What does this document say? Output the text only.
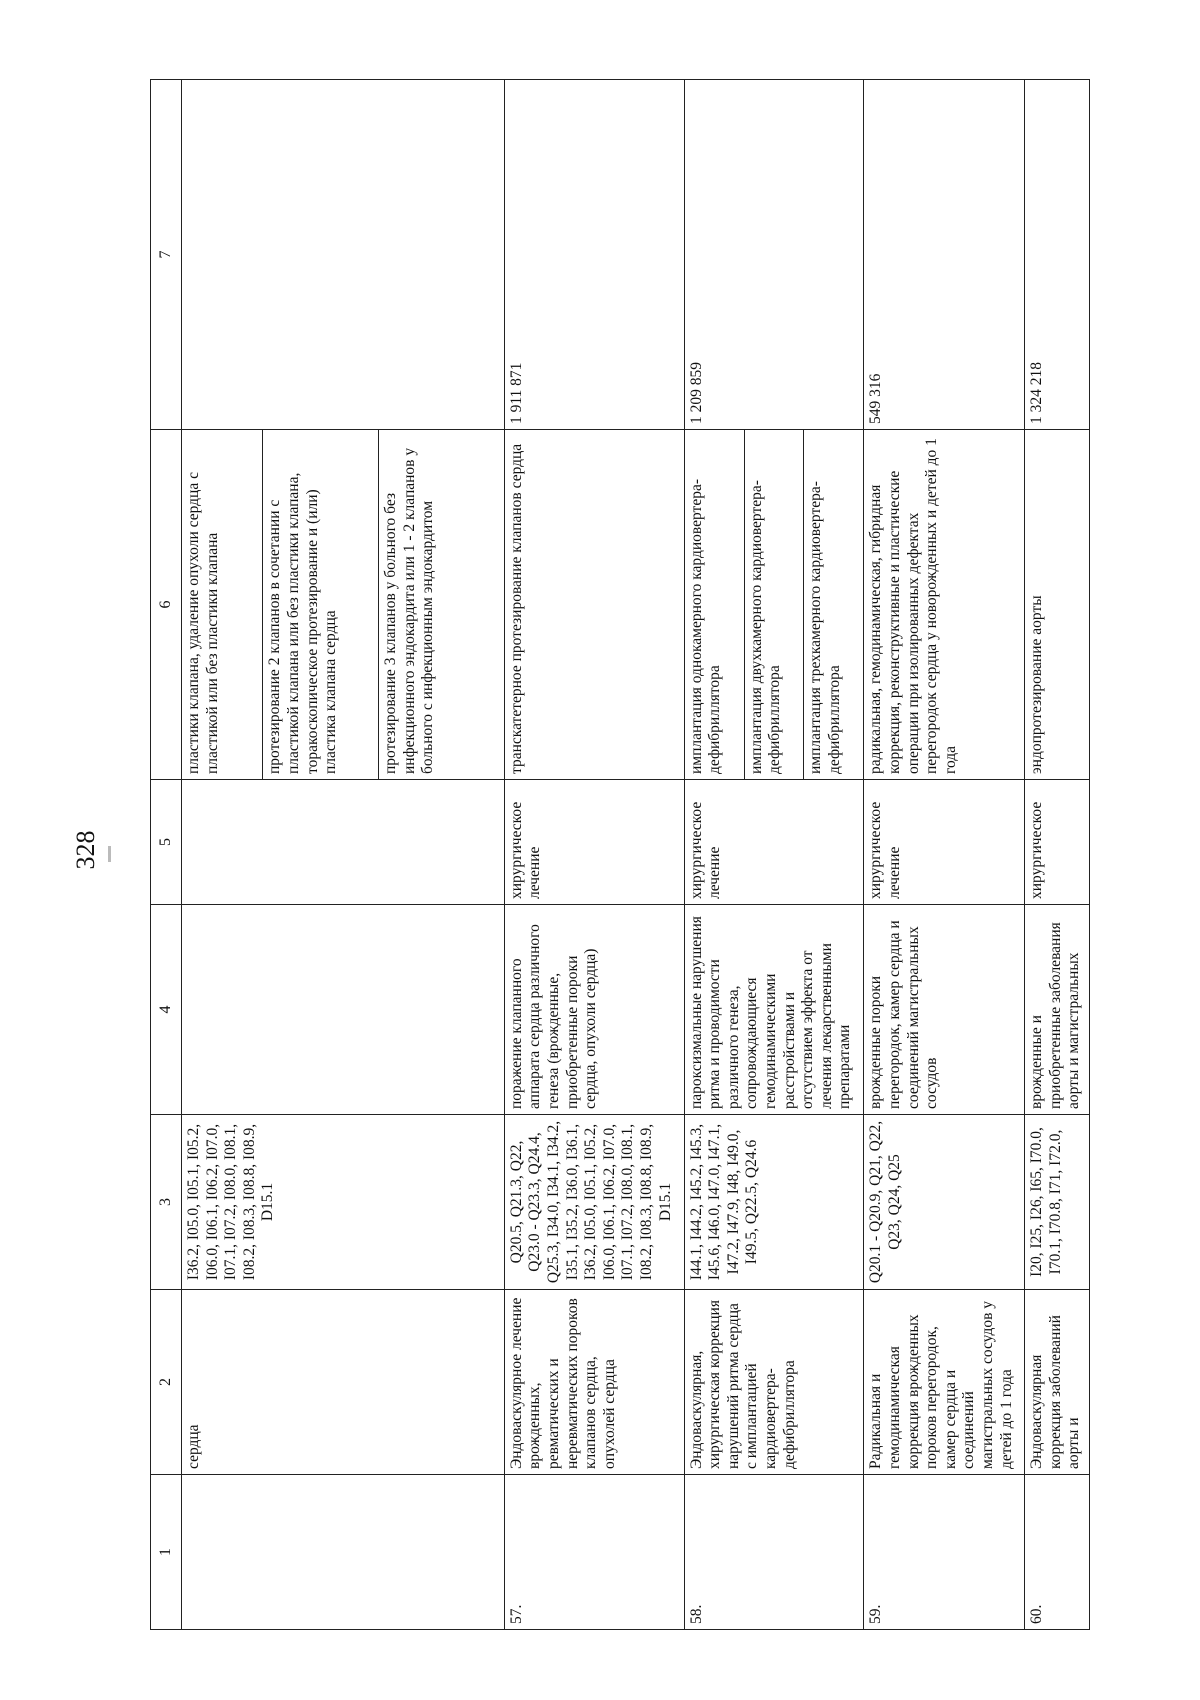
328
1	2	3	4	5	6	7
	сердца	I36.2, I05.0, I05.1, I05.2, I06.0, I06.1, I06.2, I07.0, I07.1, I07.2, I08.0, I08.1, I08.2, I08.3, I08.8, I08.9, D15.1			пластики клапана, удаление опухоли сердца с пластикой или без пластики клапана	
					протезирование 2 клапанов в сочетании с пластикой клапана или без пластики клапана, торакоскопическое протезирование и (или) пластика клапана сердца	
					протезирование 3 клапанов у больного без инфекционного эндокардита или 1 - 2 клапанов у больного с инфекционным эндокардитом	
57.	Эндоваскулярное лечение врожденных, ревматических и неревматических пороков клапанов сердца, опухолей сердца	Q20.5, Q21.3, Q22, Q23.0 - Q23.3, Q24.4, Q25.3, I34.0, I34.1, I34.2, I35.1, I35.2, I36.0, I36.1, I36.2, I05.0, I05.1, I05.2, I06.0, I06.1, I06.2, I07.0, I07.1, I07.2, I08.0, I08.1, I08.2, I08.3, I08.8, I08.9, D15.1	поражение клапанного аппарата сердца различного генеза (врожденные, приобретенные пороки сердца, опухоли сердца)	хирургическое лечение	транскатетерное протезирование клапанов сердца	1 911 871
58.	Эндоваскулярная, хирургическая коррекция нарушений ритма сердца с имплантацией кардиовертера-дефибриллятора	I44.1, I44.2, I45.2, I45.3, I45.6, I46.0, I47.0, I47.1, I47.2, I47.9, I48, I49.0, I49.5, Q22.5, Q24.6	пароксизмальные нарушения ритма и проводимости различного генеза, сопровождающиеся гемодинамическими расстройствами и отсутствием эффекта от лечения лекарственными препаратами	хирургическое лечение	имплантация однокамерного кардиовертера-дефибриллятора	1 209 859
					имплантация двухкамерного кардиовертера-дефибриллятора	
					имплантация трехкамерного кардиовертера-дефибриллятора	
59.	Радикальная и гемодинамическая коррекция врожденных пороков перегородок, камер сердца и соединений магистральных сосудов у детей до 1 года	Q20.1 - Q20.9, Q21, Q22, Q23, Q24, Q25	врожденные пороки перегородок, камер сердца и соединений магистральных сосудов	хирургическое лечение	радикальная, гемодинамическая, гибридная коррекция, реконструктивные и пластические операции при изолированных дефектах перегородок сердца у новорожденных и детей до 1 года	549 316
60.	Эндоваскулярная коррекция заболеваний аорты и	I20, I25, I26, I65, I70.0, I70.1, I70.8, I71, I72.0,	врожденные и приобретенные заболевания аорты и магистральных	хирургическое	эндопротезирование аорты	1 324 218
